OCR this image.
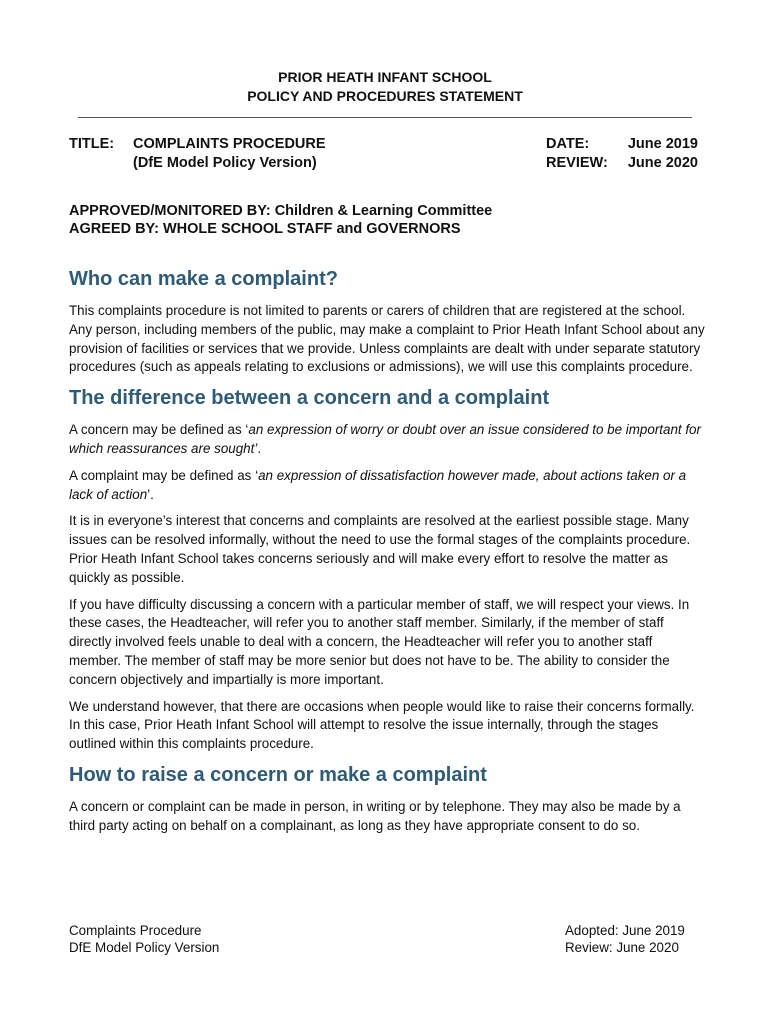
PRIOR HEATH INFANT SCHOOL
POLICY AND PROCEDURES STATEMENT
TITLE: COMPLAINTS PROCEDURE
(DfE Model Policy Version)
DATE:	June 2019
REVIEW: June 2020
APPROVED/MONITORED BY: Children & Learning Committee
AGREED BY: WHOLE SCHOOL STAFF and GOVERNORS
Who can make a complaint?

This complaints procedure is not limited to parents or carers of children that are registered at the school. Any person, including members of the public, may make a complaint to Prior Heath Infant School about any provision of facilities or services that we provide. Unless complaints are dealt with under separate statutory procedures (such as appeals relating to exclusions or admissions), we will use this complaints procedure.

The difference between a concern and a complaint

A concern may be defined as ‘an expression of worry or doubt over an issue considered to be important for which reassurances are sought’.

A complaint may be defined as ‘an expression of dissatisfaction however made, about actions taken or a lack of action’.

It is in everyone’s interest that concerns and complaints are resolved at the earliest possible stage. Many issues can be resolved informally, without the need to use the formal stages of the complaints procedure. Prior Heath Infant School takes concerns seriously and will make every effort to resolve the matter as quickly as possible.

If you have difficulty discussing a concern with a particular member of staff, we will respect your views. In these cases, the Headteacher, will refer you to another staff member. Similarly, if the member of staff directly involved feels unable to deal with a concern, the Headteacher will refer you to another staff member. The member of staff may be more senior but does not have to be. The ability to consider the concern objectively and impartially is more important.

We understand however, that there are occasions when people would like to raise their concerns formally. In this case, Prior Heath Infant School will attempt to resolve the issue internally, through the stages outlined within this complaints procedure.

How to raise a concern or make a complaint

A concern or complaint can be made in person, in writing or by telephone. They may also be made by a third party acting on behalf on a complainant, as long as they have appropriate consent to do so.

Complaints Procedure
DfE Model Policy Version
Adopted: June 2019
Review: June 2020
